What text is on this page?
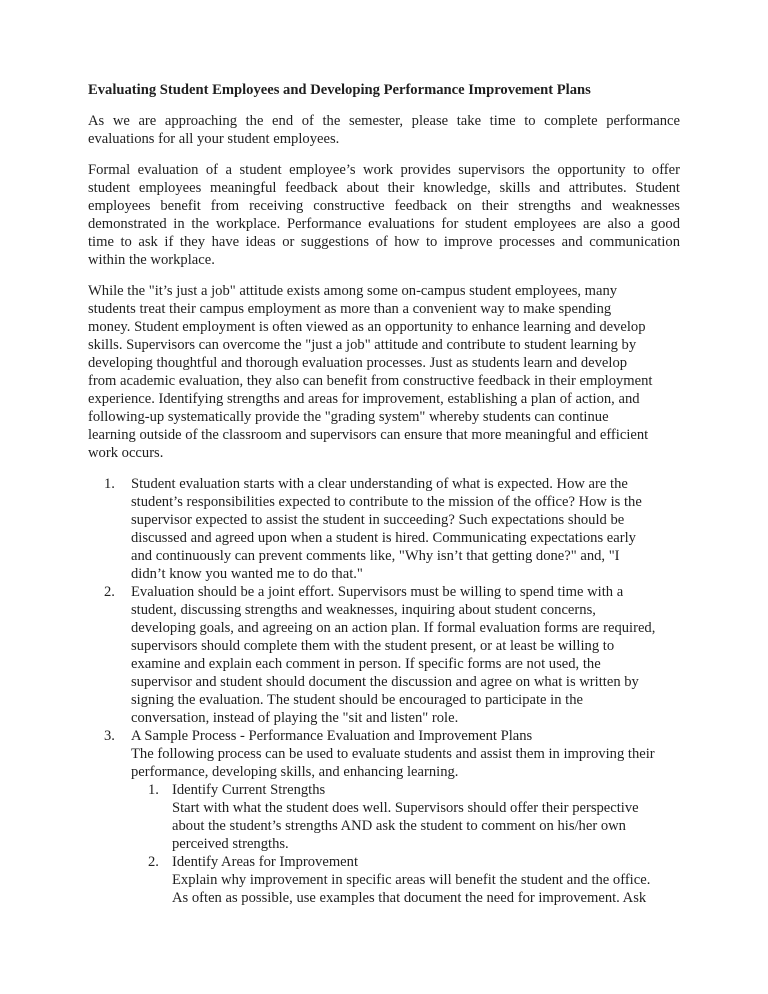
Evaluating Student Employees and Developing Performance Improvement Plans
As we are approaching the end of the semester, please take time to complete performance
evaluations for all your student employees.
Formal evaluation of a student employee’s work provides supervisors the opportunity to offer
student employees meaningful feedback about their knowledge, skills and attributes. Student
employees benefit from receiving constructive feedback on their strengths and weaknesses
demonstrated in the workplace. Performance evaluations for student employees are also a good
time to ask if they have ideas or suggestions of how to improve processes and communication
within the workplace.
While the "it’s just a job" attitude exists among some on-campus student employees, many
students treat their campus employment as more than a convenient way to make spending
money. Student employment is often viewed as an opportunity to enhance learning and develop
skills. Supervisors can overcome the "just a job" attitude and contribute to student learning by
developing thoughtful and thorough evaluation processes. Just as students learn and develop
from academic evaluation, they also can benefit from constructive feedback in their employment
experience. Identifying strengths and areas for improvement, establishing a plan of action, and
following-up systematically provide the "grading system" whereby students can continue
learning outside of the classroom and supervisors can ensure that more meaningful and efficient
work occurs.
1. Student evaluation starts with a clear understanding of what is expected. How are the
student’s responsibilities expected to contribute to the mission of the office? How is the
supervisor expected to assist the student in succeeding? Such expectations should be
discussed and agreed upon when a student is hired. Communicating expectations early
and continuously can prevent comments like, "Why isn’t that getting done?" and, "I
didn’t know you wanted me to do that."
2. Evaluation should be a joint effort. Supervisors must be willing to spend time with a
student, discussing strengths and weaknesses, inquiring about student concerns,
developing goals, and agreeing on an action plan. If formal evaluation forms are required,
supervisors should complete them with the student present, or at least be willing to
examine and explain each comment in person. If specific forms are not used, the
supervisor and student should document the discussion and agree on what is written by
signing the evaluation. The student should be encouraged to participate in the
conversation, instead of playing the "sit and listen" role.
3. A Sample Process - Performance Evaluation and Improvement Plans
The following process can be used to evaluate students and assist them in improving their
performance, developing skills, and enhancing learning.
1. Identify Current Strengths
Start with what the student does well. Supervisors should offer their perspective
about the student’s strengths AND ask the student to comment on his/her own
perceived strengths.
2. Identify Areas for Improvement
Explain why improvement in specific areas will benefit the student and the office.
As often as possible, use examples that document the need for improvement. Ask
